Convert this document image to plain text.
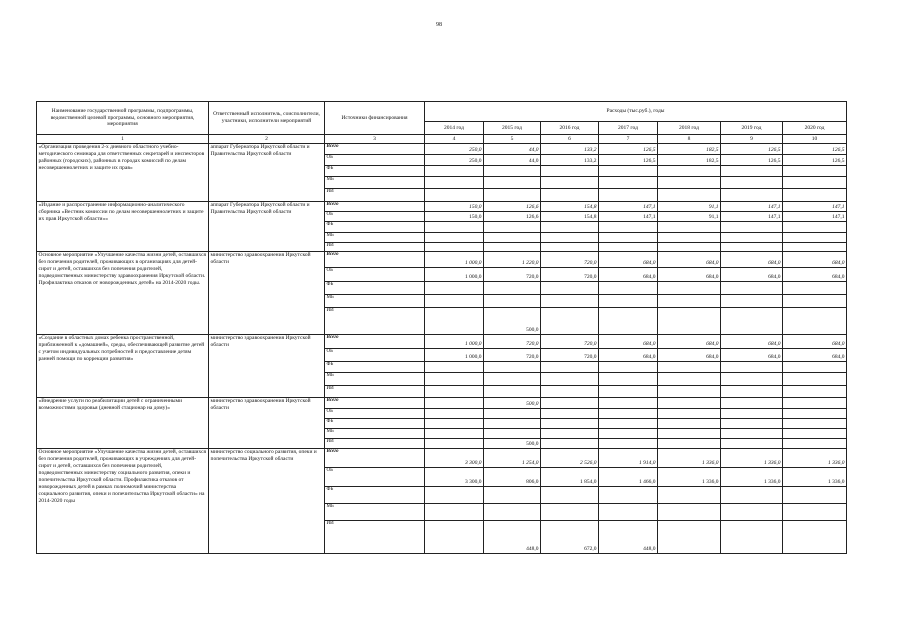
98
Наименование государственной программы, подпрограммы, ведомственной целевой программы, основного мероприятия, мероприятия	Ответственный исполнитель, соисполнители, участники, исполнители мероприятий	Источники финансирования	Расходы (тыс.руб.), годы						
			2014 год	2015 год	2016 год	2017 год	2018 год	2019 год	2020 год
1	2	3	4	5	6	7	8	9	10
«Организация проведения 2-х дневного областного учебно-методического семинара для ответственных секретарей и инспекторов районных (городских), районных в городах комиссий по делам несовершеннолетних и защите их прав»	аппарат Губернатора Иркутской области и Правительства Иркутской области	Всего	250,0	44,0	133,2	126,5	182,5	126,5	126,5
		ОБ	250,0	44,0	133,2	126,5	182,5	126,5	126,5
		ФБ							
		МБ							
		ИИ							
«Издание и распространение информационно-аналитического сборника «Вестник комиссии по делам несовершеннолетних и защите их прав Иркутской области»»	аппарат Губернатора Иркутской области и Правительства Иркутской области	Всего	150,0	126,6	154,8	147,1	91,1	147,1	147,1
		ОБ	150,0	126,6	154,8	147,1	91,1	147,1	147,1
		ФБ							
		МБ							
		ИИ							
Основное мероприятие «Улучшение качества жизни детей, оставшихся без попечения родителей, проживающих в организациях для детей-сирот и детей, оставшихся без попечения родителей, подведомственных министерству здравоохранения Иркутской области. Профилактика отказов от новорожденных детей» на 2014-2020 годы.	министерство здравоохранения Иркутской области	Всего	1 000,0	1 220,0	720,0	684,0	684,0	684,0	684,0
		ОБ	1 000,0	720,0	720,0	684,0	684,0	684,0	684,0
		ФБ							
		МБ							
		ИИ		500,0					
«Создание в областных домах ребенка пространственной, приближенной к «домашней», среды, обеспечивающей развитие детей с учетом индивидуальных потребностей и предоставление детям ранней помощи по коррекции развития»	министерство здравоохранения Иркутской области	Всего	1 000,0	720,0	720,0	684,0	684,0	684,0	684,0
		ОБ	1 000,0	720,0	720,0	684,0	684,0	684,0	684,0
		ФБ							
		МБ							
		ИИ							
«Внедрение услуги по реабилитации детей с ограниченными возможностями здоровья (дневной стационар на дому)»	министерство здравоохранения Иркутской области	Всего		500,0					
		ОБ							
		ФБ							
		МБ							
		ИИ		500,0					
Основное мероприятие «Улучшение качества жизни детей, оставшихся без попечения родителей, проживающих в учреждениях для детей-сирот и детей, оставшихся без попечения родителей, подведомственных министерству социального развития, опеки и попечительства Иркутской области. Профилактика отказов от новорожденных детей в рамках полномочий министерства социального развития, опеки и попечительства Иркутской области» на 2014-2020 годы	министерство социального развития, опеки и попечительства Иркутской области	Всего	3 300,0	1 254,0	2 526,0	1 914,0	1 336,0	1 336,0	1 336,0
		ОБ	3 300,0	806,0	1 854,0	1 466,0	1 336,0	1 336,0	1 336,0
		ФБ							
		МБ							
		ИИ		448,0	672,0	448,0			
